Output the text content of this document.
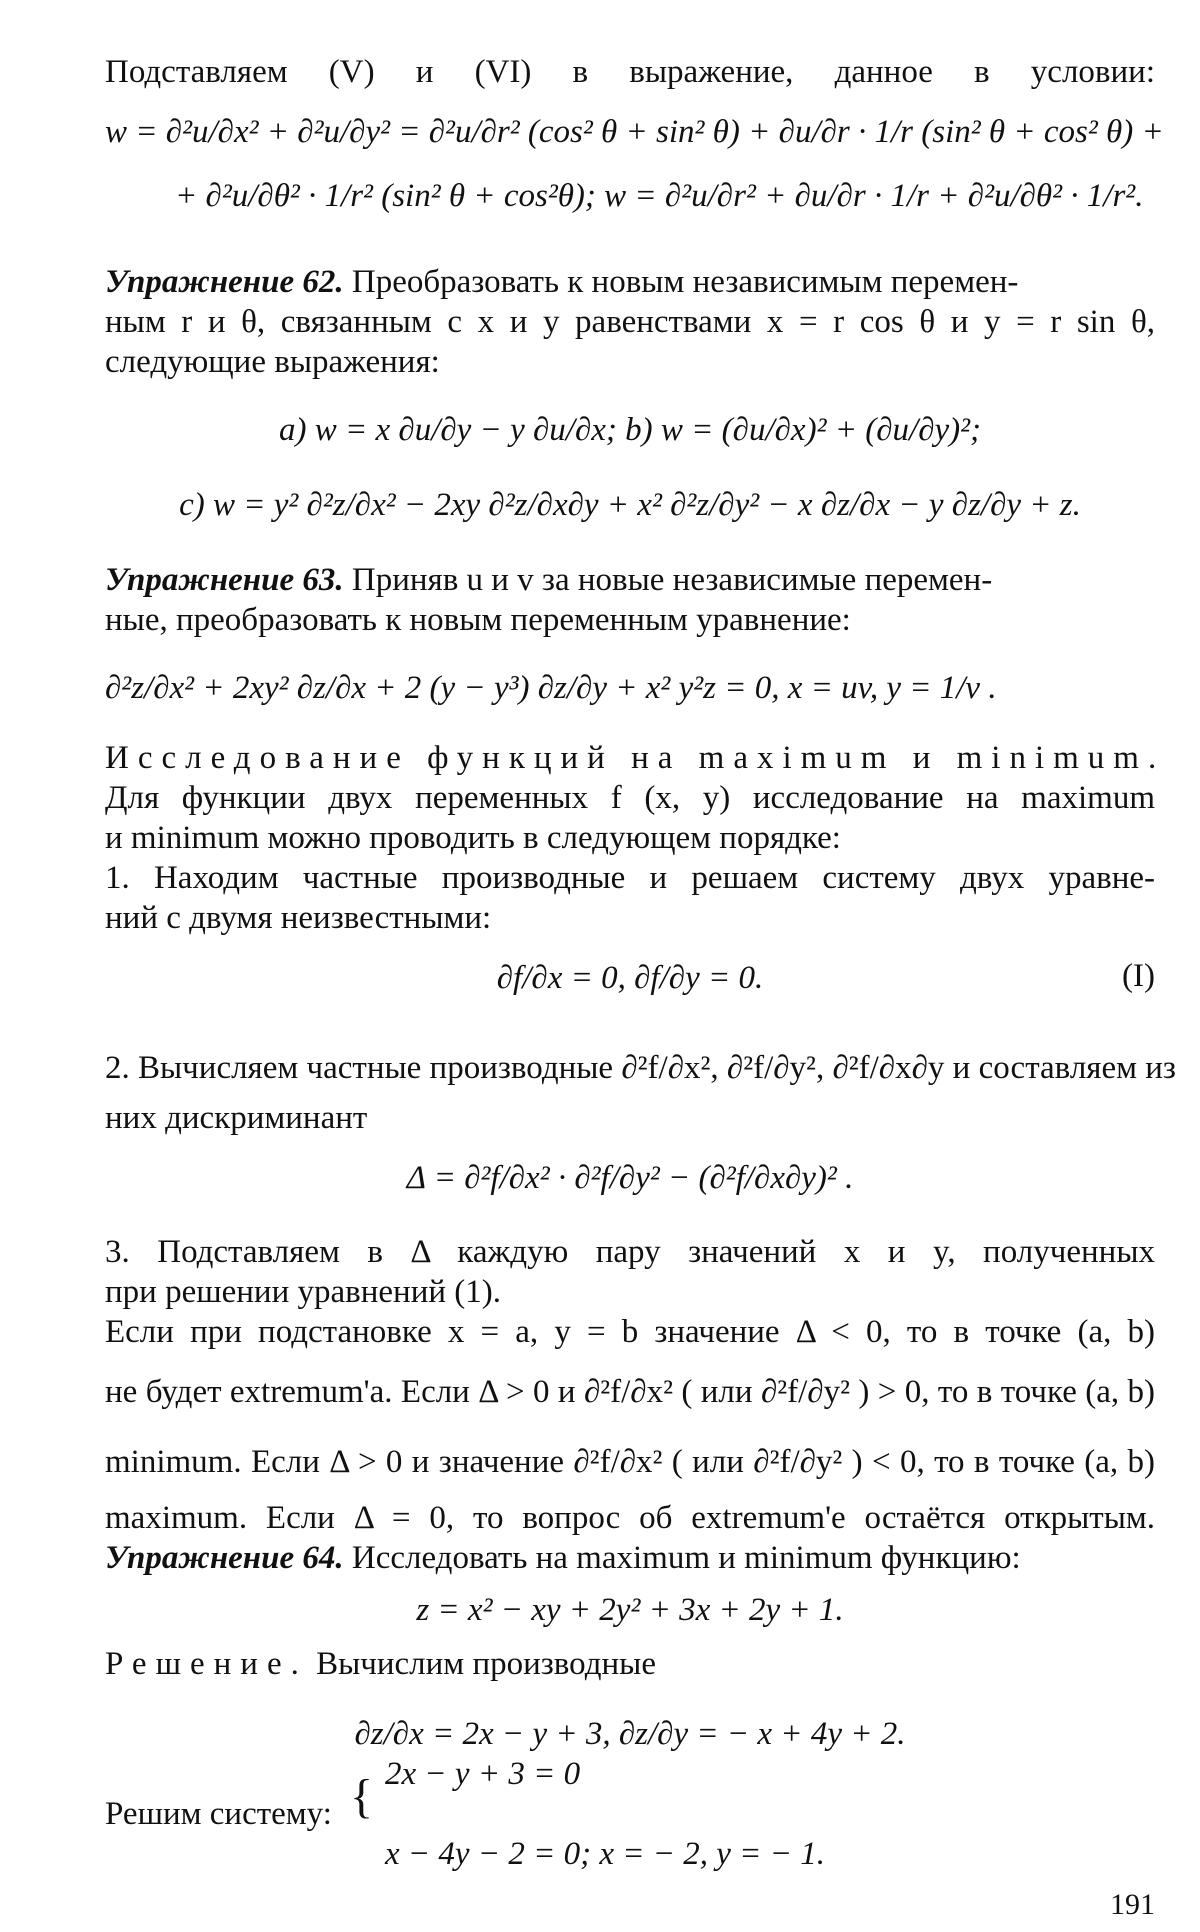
Подставляем (V) и (VI) в выражение, данное в условии:
w = ∂²u/∂x² + ∂²u/∂y² = ∂²u/∂r² (cos² θ + sin² θ) + ∂u/∂r · 1/r (sin² θ + cos² θ) +
+ ∂²u/∂θ² · 1/r² (sin² θ + cos²θ); w = ∂²u/∂r² + ∂u/∂r · 1/r + ∂²u/∂θ² · 1/r².
Упражнение 62. Преобразовать к новым независимым перемен-
ным r и θ, связанным с x и y равенствами x = r cos θ и y = r sin θ,
следующие выражения:
a) w = x ∂u/∂y − y ∂u/∂x; b) w = (∂u/∂x)² + (∂u/∂y)²;
c) w = y² ∂²z/∂x² − 2xy ∂²z/∂x∂y + x² ∂²z/∂y² − x ∂z/∂x − y ∂z/∂y + z.
Упражнение 63. Приняв u и v за новые независимые перемен-
ные, преобразовать к новым переменным уравнение:
∂²z/∂x² + 2xy² ∂z/∂x + 2 (y − y³) ∂z/∂y + x² y²z = 0, x = uv, y = 1/v .
Исследование функций на maximum и minimum.
Для функции двух переменных f (x, y) исследование на maximum
и minimum можно проводить в следующем порядке:
1. Находим частные производные и решаем систему двух уравне-
ний с двумя неизвестными:
∂f/∂x = 0, ∂f/∂y = 0.	(I)
2. Вычисляем частные производные ∂²f/∂x², ∂²f/∂y², ∂²f/∂x∂y и составляем из
них дискриминант
Δ = ∂²f/∂x² · ∂²f/∂y² − (∂²f/∂x∂y)² .
3. Подставляем в Δ каждую пару значений x и y, полученных
при решении уравнений (1).
Если при подстановке x = a, y = b значение Δ < 0, то в точке (a, b)
не будет extremum'а. Если Δ > 0 и ∂²f/∂x² ( или ∂²f/∂y² ) > 0, то в точке (a, b)
minimum. Если Δ > 0 и значение ∂²f/∂x² ( или ∂²f/∂y² ) < 0, то в точке (a, b)
maximum. Если Δ = 0, то вопрос об extremum'е остаётся открытым.
Упражнение 64. Исследовать на maximum и minimum функцию:
z = x² − xy + 2y² + 3x + 2y + 1.
Решение. Вычислим производные
∂z/∂x = 2x − y + 3, ∂z/∂y = − x + 4y + 2.
Решим систему: { 2x − y + 3 = 0
x − 4y − 2 = 0; x = − 2, y = − 1.
191
